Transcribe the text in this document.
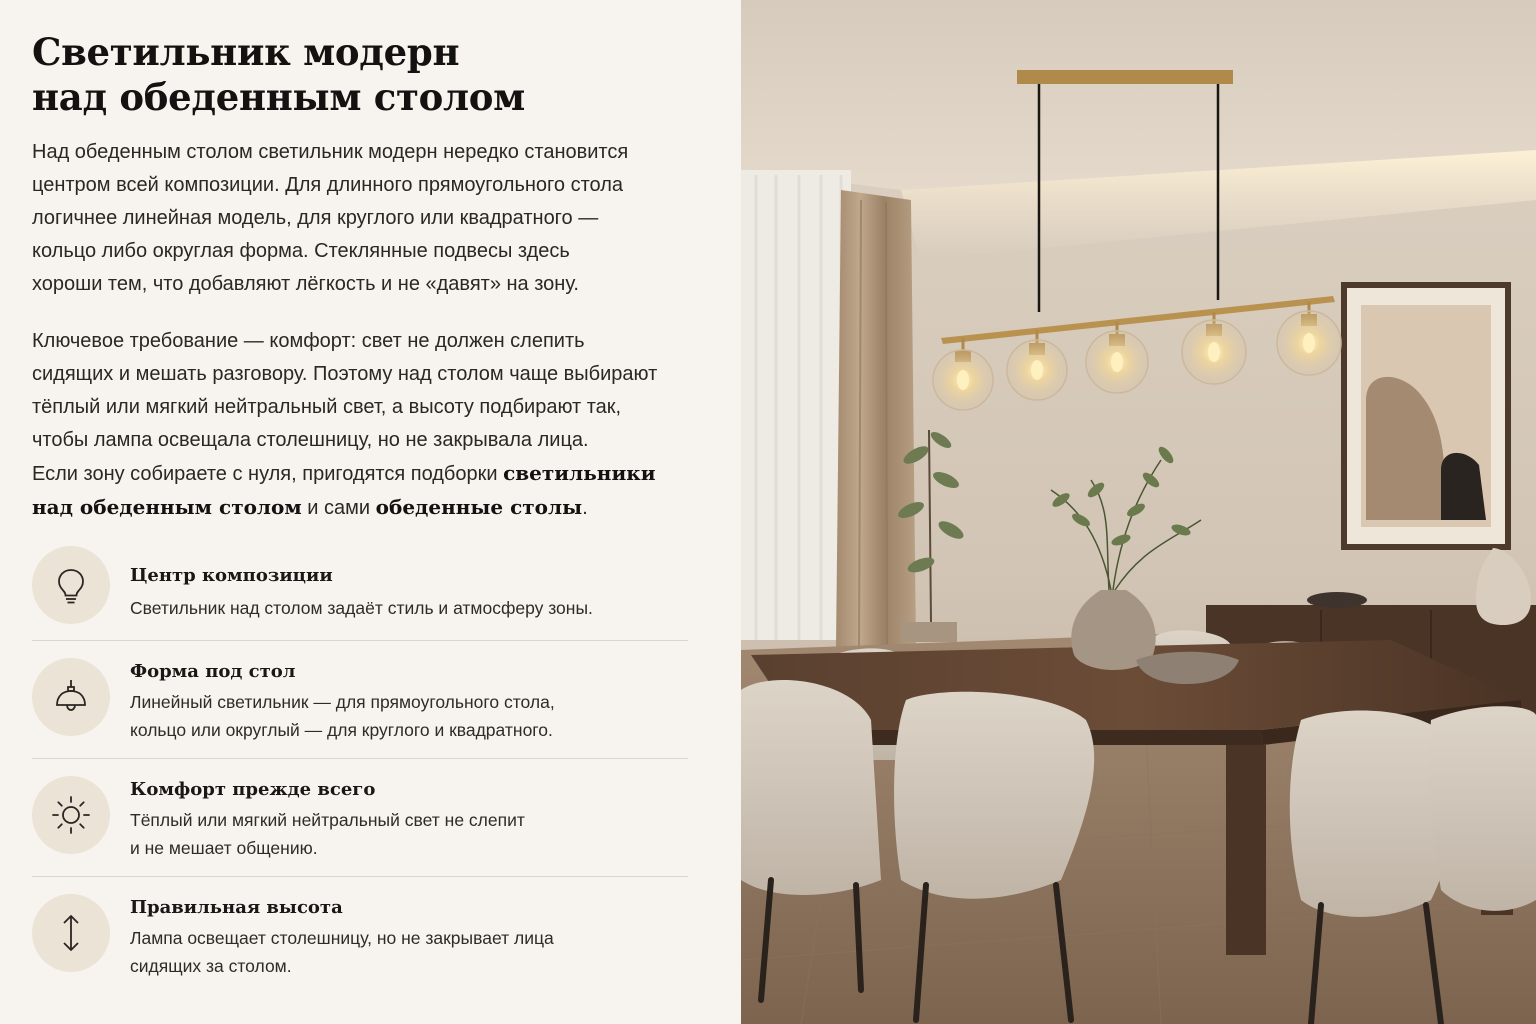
Светильник модерн
над обеденным столом
Над обеденным столом светильник модерн нередко становится
центром всей композиции. Для длинного прямоугольного стола
логичнее линейная модель, для круглого или квадратного —
кольцо либо округлая форма. Стеклянные подвесы здесь
хороши тем, что добавляют лёгкость и не «давят» на зону.
Ключевое требование — комфорт: свет не должен слепить
сидящих и мешать разговору. Поэтому над столом чаще выбирают
тёплый или мягкий нейтральный свет, а высоту подбирают так,
чтобы лампа освещала столешницу, но не закрывала лица.
Если зону собираете с нуля, пригодятся подборки светильники
над обеденным столом и сами обеденные столы.
Центр композиции
Светильник над столом задаёт стиль и атмосферу зоны.
Форма под стол
Линейный светильник — для прямоугольного стола,
кольцо или округлый — для круглого и квадратного.
Комфорт прежде всего
Тёплый или мягкий нейтральный свет не слепит
и не мешает общению.
Правильная высота
Лампа освещает столешницу, но не закрывает лица
сидящих за столом.
